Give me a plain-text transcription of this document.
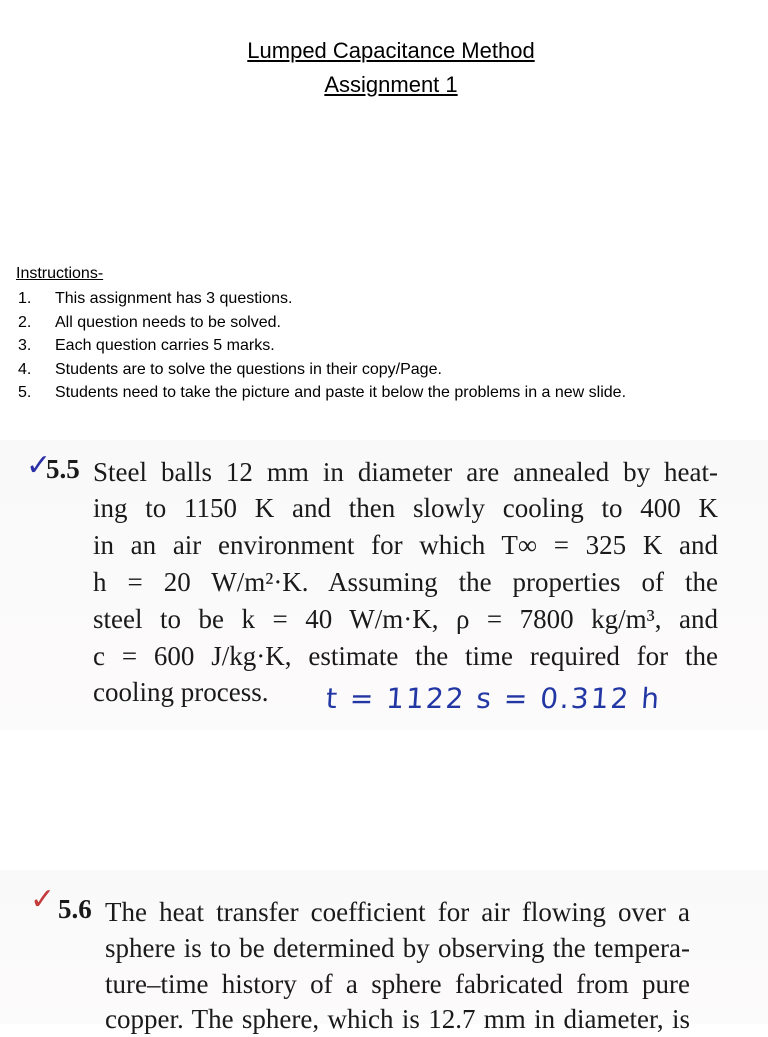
Lumped Capacitance Method
Assignment 1
Instructions-
1.	This assignment has 3 questions.
2.	All question needs to be solved.
3.	Each question carries 5 marks.
4.	Students are to solve the questions in their copy/Page.
5.	Students need to take the picture and paste it below the problems in a new slide.
✓
5.5 Steel balls 12 mm in diameter are annealed by heat-
ing to 1150 K and then slowly cooling to 400 K
in an air environment for which T∞ = 325 K and
h = 20 W/m²·K. Assuming the properties of the
steel to be k = 40 W/m·K, ρ = 7800 kg/m³, and
c = 600 J/kg·K, estimate the time required for the
cooling process. t = 1122 s = 0.312 h
✓ 5.6 The heat transfer coefficient for air flowing over a
sphere is to be determined by observing the tempera-
ture–time history of a sphere fabricated from pure
copper. The sphere, which is 12.7 mm in diameter, is
